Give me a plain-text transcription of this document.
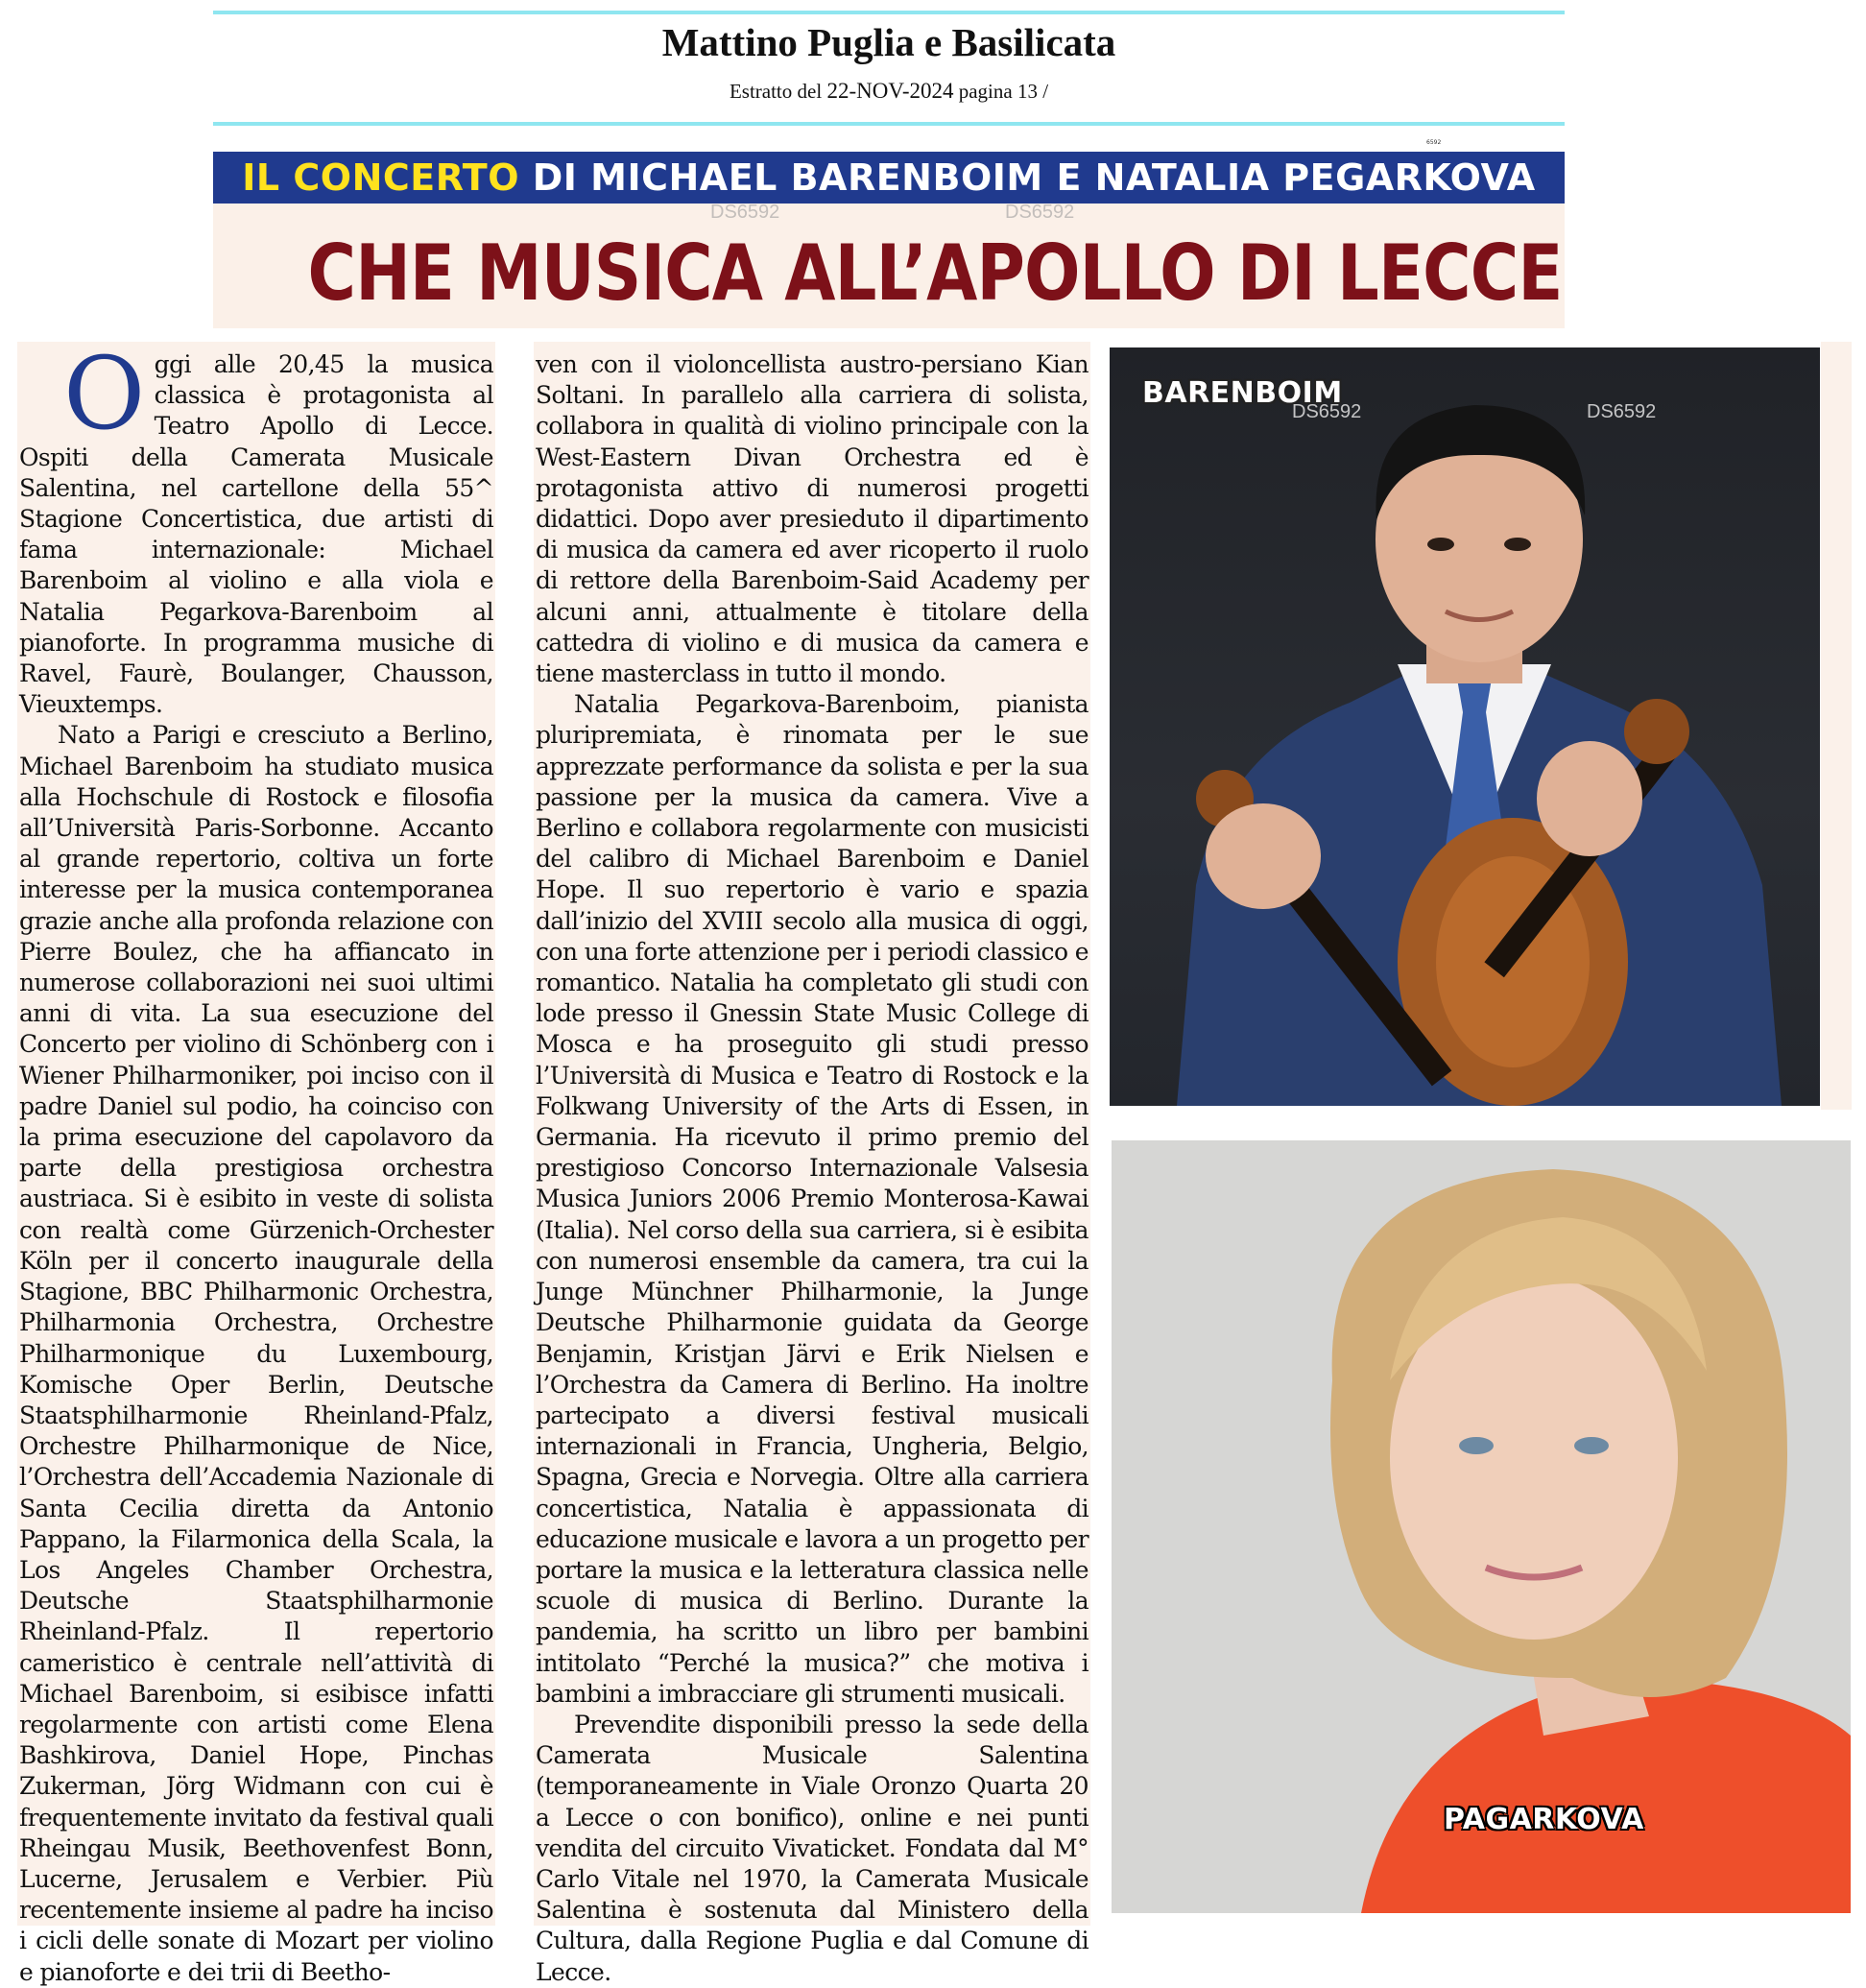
Mattino Puglia e Basilicata
Estratto del 22-NOV-2024 pagina 13 /
6592
IL CONCERTO DI MICHAEL BARENBOIM E NATALIA PEGARKOVA
CHE MUSICA ALL’APOLLO DI LECCE
DS6592	DS6592
O ggi alle 20,45 la musica classica è protagonista al Teatro Apollo di Lecce. Ospiti della Camerata Musicale Salentina, nel cartellone della 55^ Stagione Concertistica, due artisti di fama internazionale: Michael Barenboim al violino e alla viola e Natalia Pegarkova-Barenboim al pianoforte. In programma musiche di Ravel, Faurè, Boulanger, Chausson, Vieuxtemps.

Nato a Parigi e cresciuto a Berlino, Michael Barenboim ha studiato musica alla Hochschule di Rostock e filosofia all’Università Paris-Sorbonne. Accanto al grande repertorio, coltiva un forte interesse per la musica contemporanea grazie anche alla profonda relazione con Pierre Boulez, che ha affiancato in numerose collaborazioni nei suoi ultimi anni di vita. La sua esecuzione del Concerto per violino di Schönberg con i Wiener Philharmoniker, poi inciso con il padre Daniel sul podio, ha coinciso con la prima esecuzione del capolavoro da parte della prestigiosa orchestra austriaca. Si è esibito in veste di solista con realtà come Gürzenich-Orchester Köln per il concerto inaugurale della Stagione, BBC Philharmonic Orchestra, Philharmonia Orchestra, Orchestre Philharmonique du Luxembourg, Komische Oper Berlin, Deutsche Staatsphilharmonie Rheinland-Pfalz, Orchestre Philharmonique de Nice, l’Orchestra dell’Accademia Nazionale di Santa Cecilia diretta da Antonio Pappano, la Filarmonica della Scala, la Los Angeles Chamber Orchestra, Deutsche Staatsphilharmonie Rheinland-Pfalz. Il repertorio cameristico è centrale nell’attività di Michael Barenboim, si esibisce infatti regolarmente con artisti come Elena Bashkirova, Daniel Hope, Pinchas Zukerman, Jörg Widmann con cui è frequentemente invitato da festival quali Rheingau Musik, Beethovenfest Bonn, Lucerne, Jerusalem e Verbier. Più recentemente insieme al padre ha inciso i cicli delle sonate di Mozart per violino e pianoforte e dei trii di Beetho-

ven con il violoncellista austro-persiano Kian Soltani. In parallelo alla carriera di solista, collabora in qualità di violino principale con la West-Eastern Divan Orchestra ed è protagonista attivo di numerosi progetti didattici. Dopo aver presieduto il dipartimento di musica da camera ed aver ricoperto il ruolo di rettore della Barenboim-Said Academy per alcuni anni, attualmente è titolare della cattedra di violino e di musica da camera e tiene masterclass in tutto il mondo.

Natalia Pegarkova-Barenboim, pianista pluripremiata, è rinomata per le sue apprezzate performance da solista e per la sua passione per la musica da camera. Vive a Berlino e collabora regolarmente con musicisti del calibro di Michael Barenboim e Daniel Hope. Il suo repertorio è vario e spazia dall’inizio del XVIII secolo alla musica di oggi, con una forte attenzione per i periodi classico e romantico. Natalia ha completato gli studi con lode presso il Gnessin State Music College di Mosca e ha proseguito gli studi presso l’Università di Musica e Teatro di Rostock e la Folkwang University of the Arts di Essen, in Germania. Ha ricevuto il primo premio del prestigioso Concorso Internazionale Valsesia Musica Juniors 2006 Premio Monterosa-Kawai (Italia). Nel corso della sua carriera, si è esibita con numerosi ensemble da camera, tra cui la Junge Münchner Philharmonie, la Junge Deutsche Philharmonie guidata da George Benjamin, Kristjan Järvi e Erik Nielsen e l’Orchestra da Camera di Berlino. Ha inoltre partecipato a diversi festival musicali internazionali in Francia, Ungheria, Belgio, Spagna, Grecia e Norvegia. Oltre alla carriera concertistica, Natalia è appassionata di educazione musicale e lavora a un progetto per portare la musica e la letteratura classica nelle scuole di musica di Berlino. Durante la pandemia, ha scritto un libro per bambini intitolato “Perché la musica?” che motiva i bambini a imbracciare gli strumenti musicali.

Prevendite disponibili presso la sede della Camerata Musicale Salentina (temporaneamente in Viale Oronzo Quarta 20 a Lecce o con bonifico), online e nei punti vendita del circuito Vivaticket. Fondata dal M° Carlo Vitale nel 1970, la Camerata Musicale Salentina è sostenuta dal Ministero della Cultura, dalla Regione Puglia e dal Comune di Lecce.

BARENBOIM
DS6592	DS6592
PAGARKOVA
